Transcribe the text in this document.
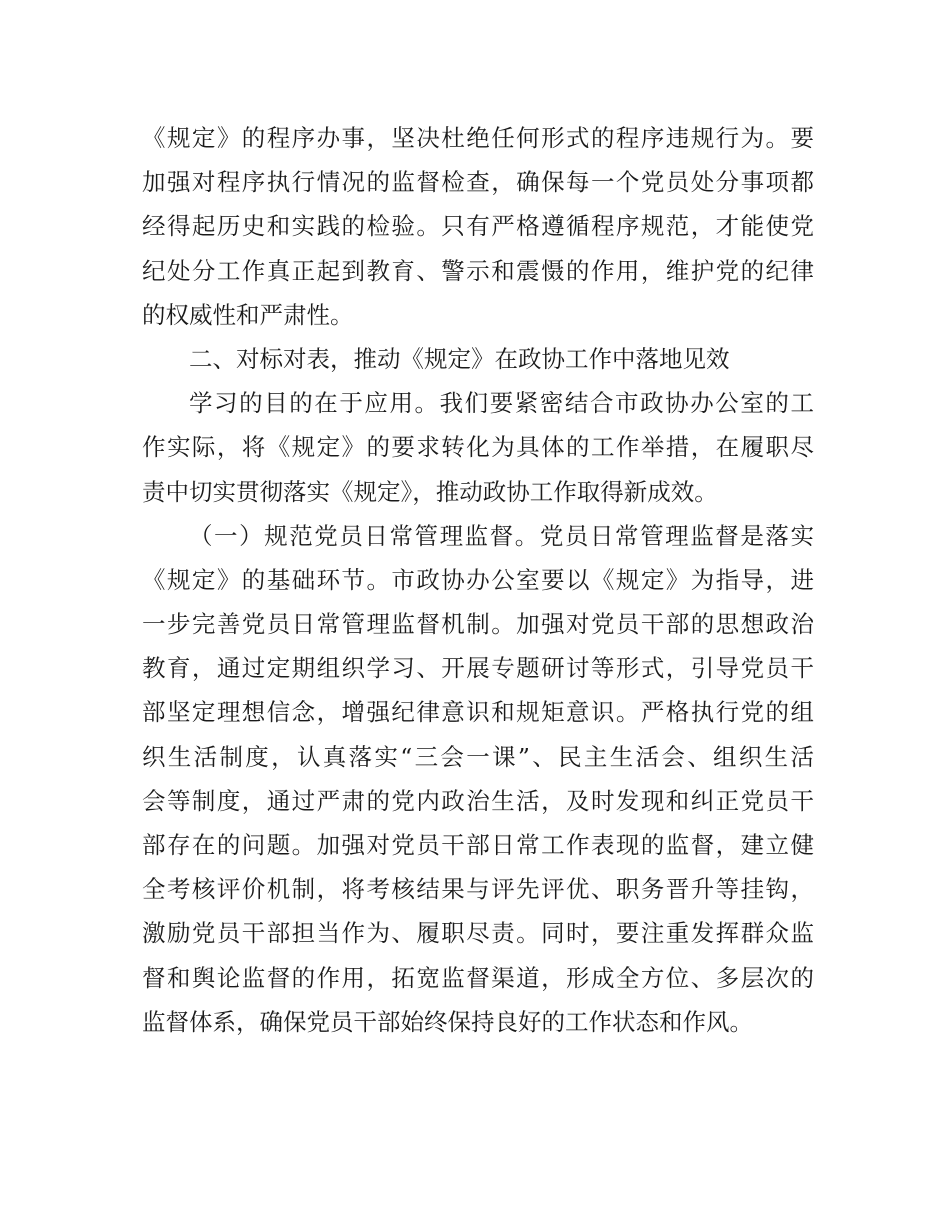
《规定》的程序办事，坚决杜绝任何形式的程序违规行为。要
加强对程序执行情况的监督检查，确保每一个党员处分事项都
经得起历史和实践的检验。只有严格遵循程序规范，才能使党
纪处分工作真正起到教育、警示和震慑的作用，维护党的纪律
的权威性和严肃性。
二、对标对表，推动《规定》在政协工作中落地见效
学习的目的在于应用。我们要紧密结合市政协办公室的工
作实际，将《规定》的要求转化为具体的工作举措，在履职尽
责中切实贯彻落实《规定》，推动政协工作取得新成效。
（一）规范党员日常管理监督。党员日常管理监督是落实
《规定》的基础环节。市政协办公室要以《规定》为指导，进
一步完善党员日常管理监督机制。加强对党员干部的思想政治
教育，通过定期组织学习、开展专题研讨等形式，引导党员干
部坚定理想信念，增强纪律意识和规矩意识。严格执行党的组
织生活制度，认真落实“三会一课”、民主生活会、组织生活
会等制度，通过严肃的党内政治生活，及时发现和纠正党员干
部存在的问题。加强对党员干部日常工作表现的监督，建立健
全考核评价机制，将考核结果与评先评优、职务晋升等挂钩，
激励党员干部担当作为、履职尽责。同时，要注重发挥群众监
督和舆论监督的作用，拓宽监督渠道，形成全方位、多层次的
监督体系，确保党员干部始终保持良好的工作状态和作风。
